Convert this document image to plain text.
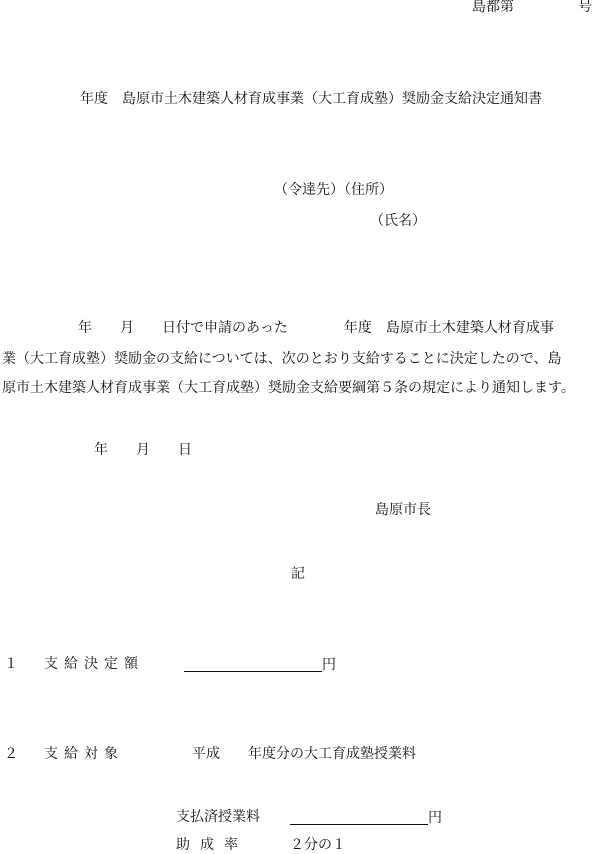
島都第	号
年度　島原市土木建築人材育成事業（大工育成塾）奨励金支給決定通知書
（令達先）（住所）
（氏名）
年　　月　　日付で申請のあった　　　　年度　島原市土木建築人材育成事
業（大工育成塾）奨励金の支給については、次のとおり支給することに決定したので、島
原市土木建築人材育成事業（大工育成塾）奨励金支給要綱第５条の規定により通知します。
年　　月　　日
島原市長
記
１　支給決定額	円
２　支給対象	平成　　年度分の大工育成塾授業料
支払済授業料	円
助成率	２分の１
